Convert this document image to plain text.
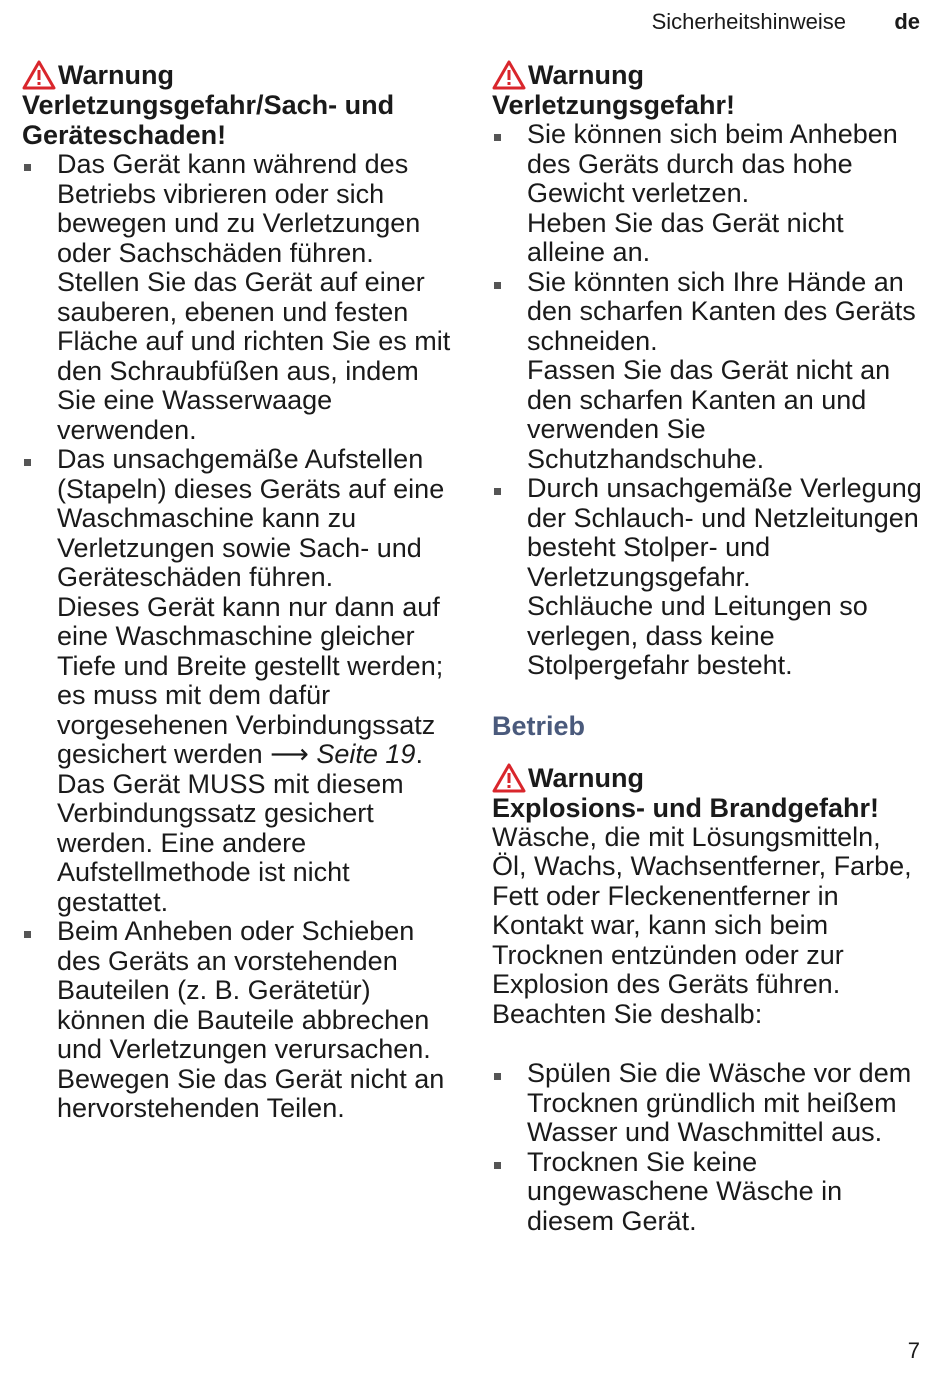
Sicherheitshinweise de
Warnung
Verletzungsgefahr/Sach- und Geräteschaden!
Das Gerät kann während des Betriebs vibrieren oder sich bewegen und zu Verletzungen oder Sachschäden führen.
Stellen Sie das Gerät auf einer sauberen, ebenen und festen Fläche auf und richten Sie es mit den Schraubfüßen aus, indem Sie eine Wasserwaage verwenden.
Das unsachgemäße Aufstellen (Stapeln) dieses Geräts auf eine Waschmaschine kann zu Verletzungen sowie Sach- und Geräteschäden führen.
Dieses Gerät kann nur dann auf eine Waschmaschine gleicher Tiefe und Breite gestellt werden; es muss mit dem dafür vorgesehenen Verbindungssatz gesichert werden ⟶ Seite 19. Das Gerät MUSS mit diesem Verbindungssatz gesichert werden. Eine andere Aufstellmethode ist nicht gestattet.
Beim Anheben oder Schieben des Geräts an vorstehenden Bauteilen (z. B. Gerätetür) können die Bauteile abbrechen und Verletzungen verursachen.
Bewegen Sie das Gerät nicht an hervorstehenden Teilen.
Warnung
Verletzungsgefahr!
Sie können sich beim Anheben des Geräts durch das hohe Gewicht verletzen.
Heben Sie das Gerät nicht alleine an.
Sie könnten sich Ihre Hände an den scharfen Kanten des Geräts schneiden.
Fassen Sie das Gerät nicht an den scharfen Kanten an und verwenden Sie Schutzhandschuhe.
Durch unsachgemäße Verlegung der Schlauch- und Netzleitungen besteht Stolper- und Verletzungsgefahr.
Schläuche und Leitungen so verlegen, dass keine Stolpergefahr besteht.
Betrieb
Warnung
Explosions- und Brandgefahr!

Wäsche, die mit Lösungsmitteln, Öl, Wachs, Wachsentferner, Farbe, Fett oder Fleckenentferner in Kontakt war, kann sich beim Trocknen entzünden oder zur Explosion des Geräts führen. Beachten Sie deshalb:

Spülen Sie die Wäsche vor dem Trocknen gründlich mit heißem Wasser und Waschmittel aus.
Trocknen Sie keine ungewaschene Wäsche in diesem Gerät.
7
